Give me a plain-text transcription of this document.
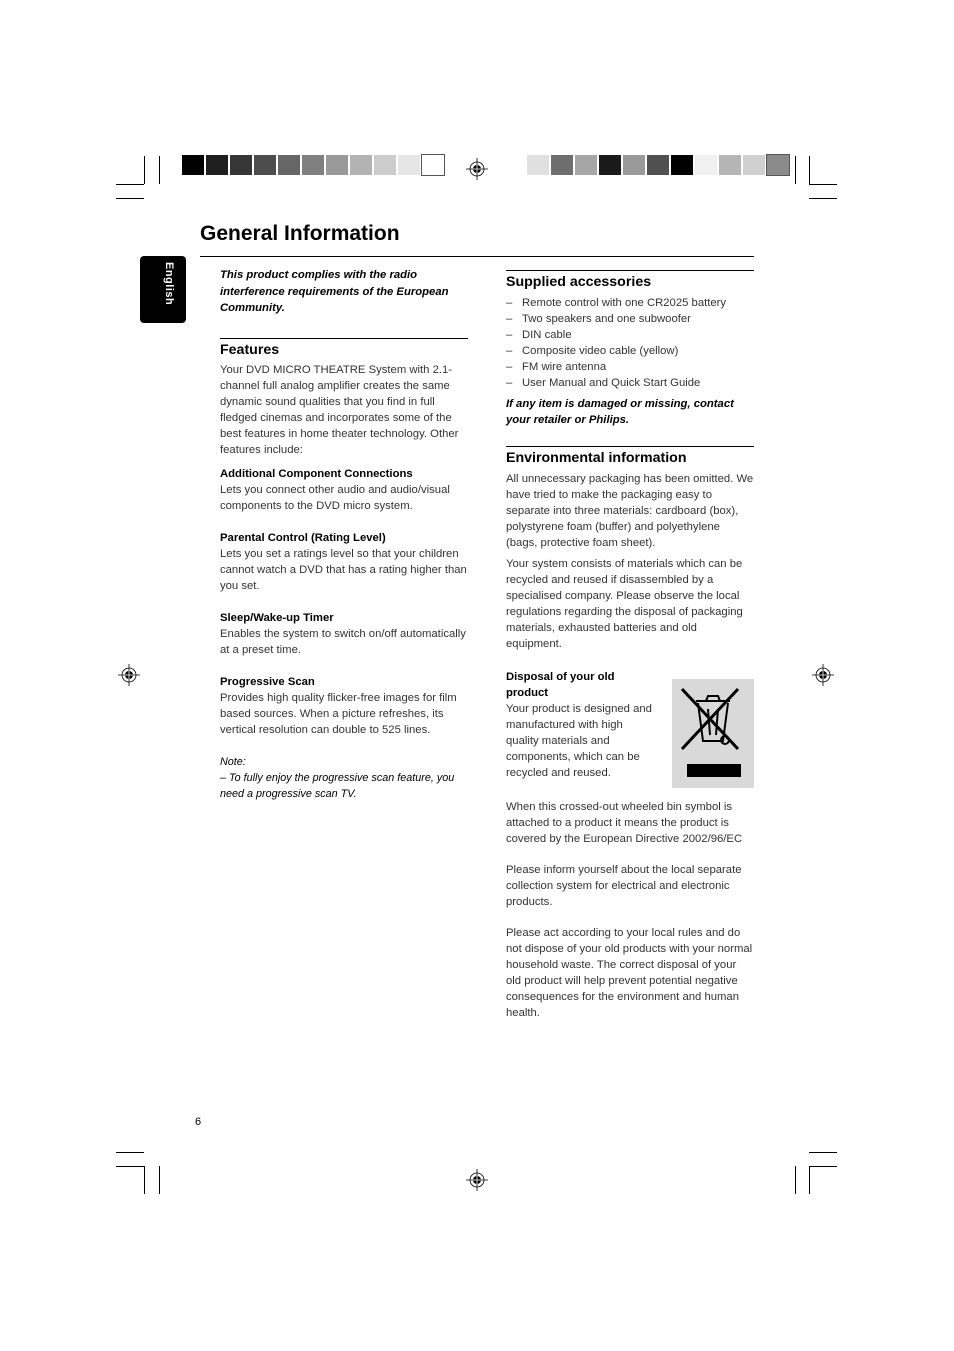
English
General Information

This product complies with the radio interference requirements of the European Community.

Features

Your DVD MICRO THEATRE System with 2.1-channel full analog amplifier creates the same dynamic sound qualities that you find in full fledged cinemas and incorporates some of the best features in home theater technology. Other features include:

Additional Component Connections

Lets you connect other audio and audio/visual components to the DVD micro system.

Parental Control (Rating Level)

Lets you set a ratings level so that your children cannot watch a DVD that has a rating higher than you set.

Sleep/Wake-up Timer

Enables the system to switch on/off automatically at a preset time.

Progressive Scan

Provides high quality flicker-free images for film based sources. When a picture refreshes, its vertical resolution can double to 525 lines.

Note:

– To fully enjoy the progressive scan feature, you need a progressive scan TV.

Supplied accessories

– Remote control with one CR2025 battery
– Two speakers and one subwoofer
– DIN cable
– Composite video cable (yellow)
– FM wire antenna
– User Manual and Quick Start Guide

If any item is damaged or missing, contact your retailer or Philips.

Environmental information

All unnecessary packaging has been omitted. We have tried to make the packaging easy to separate into three materials: cardboard (box), polystyrene foam (buffer) and polyethylene (bags, protective foam sheet).

Your system consists of materials which can be recycled and reused if disassembled by a specialised company. Please observe the local regulations regarding the disposal of packaging materials, exhausted batteries and old equipment.

Disposal of your old product

Your product is designed and manufactured with high quality materials and components, which can be recycled and reused.

When this crossed-out wheeled bin symbol is attached to a product it means the product is covered by the European Directive 2002/96/EC

Please inform yourself about the local separate collection system for electrical and electronic products.

Please act according to your local rules and do not dispose of your old products with your normal household waste. The correct disposal of your old product will help prevent potential negative consequences for the environment and human health.

6
